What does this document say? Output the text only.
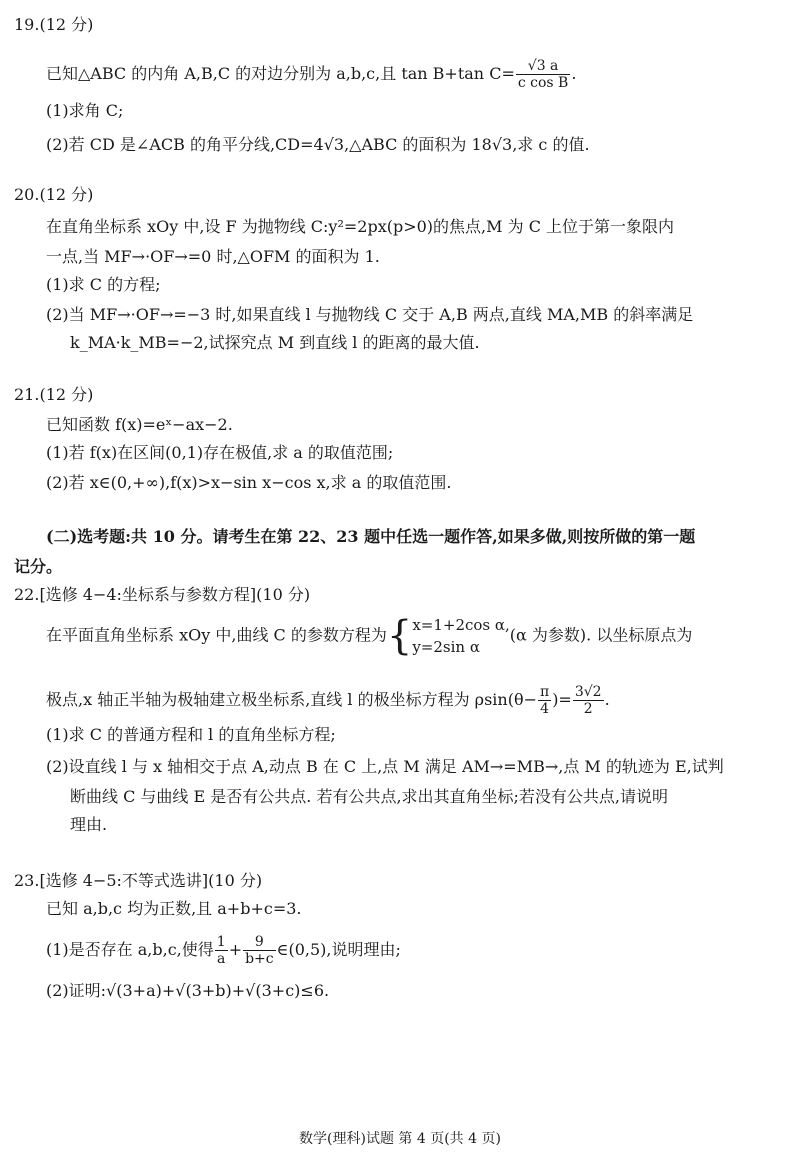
19.(12 分)
已知△ABC 的内角 A,B,C 的对边分别为 a,b,c,且 tan B+tan $C= \frac{√3 a}{\text{c cos B}}$ .
(1)求角 C;
(2)若 CD 是∠ACB 的角平分线,CD=4√3,△ABC 的面积为 18√3,求 c 的值.
20.(12 分)
在直角坐标系 xOy 中,设 F 为抛物线 C:y²=2px(p>0)的焦点,M 为 C 上位于第一象限内
一点,当 MF→·OF→=0 时,△OFM 的面积为 1.
(1)求 C 的方程;
(2)当 MF→·OF→=−3 时,如果直线 l 与抛物线 C 交于 A,B 两点,直线 MA,MB 的斜率满足
k_MA·k_MB=−2,试探究点 M 到直线 l 的距离的最大值.
21.(12 分)
已知函数 f(x)=eˣ−ax−2.
(1)若 f(x)在区间(0,1)存在极值,求 a 的取值范围;
(2)若 x∈(0,+∞),f(x)>x−sin x−cos x,求 a 的取值范围.
(二)选考题:共 10 分。请考生在第 22、23 题中任选一题作答,如果多做,则按所做的第一题
记分。
22.[选修 4−4:坐标系与参数方程](10 分)
在平面直角坐标系 xOy 中,曲线 C 的参数方程为{ x=1+2cos α,
y=2sin α
(α 为参数). 以坐标原点为
极点,x 轴正半轴为极轴建立极坐标系,直线 l 的极坐标方程为 $\rho\sin(\theta- \frac{\pi}{4}$ )= $\frac{3√2}{2}$ .
(1)求 C 的普通方程和 l 的直角坐标方程;
(2)设直线 l 与 x 轴相交于点 A,动点 B 在 C 上,点 M 满足 AM→=MB→,点 M 的轨迹为 E,试判
断曲线 C 与曲线 E 是否有公共点. 若有公共点,求出其直角坐标;若没有公共点,请说明
理由.
23.[选修 4−5:不等式选讲](10 分)
已知 a,b,c 均为正数,且 a+b+c=3.
(1)是否存在 a,b,c,使得 $\frac{1}{a} + \frac{9}{b+c}$ ∈(0,5),说明理由;
(2)证明:√(3+a)+√(3+b)+√(3+c)≤6.
数学(理科)试题 第 4 页(共 4 页)
